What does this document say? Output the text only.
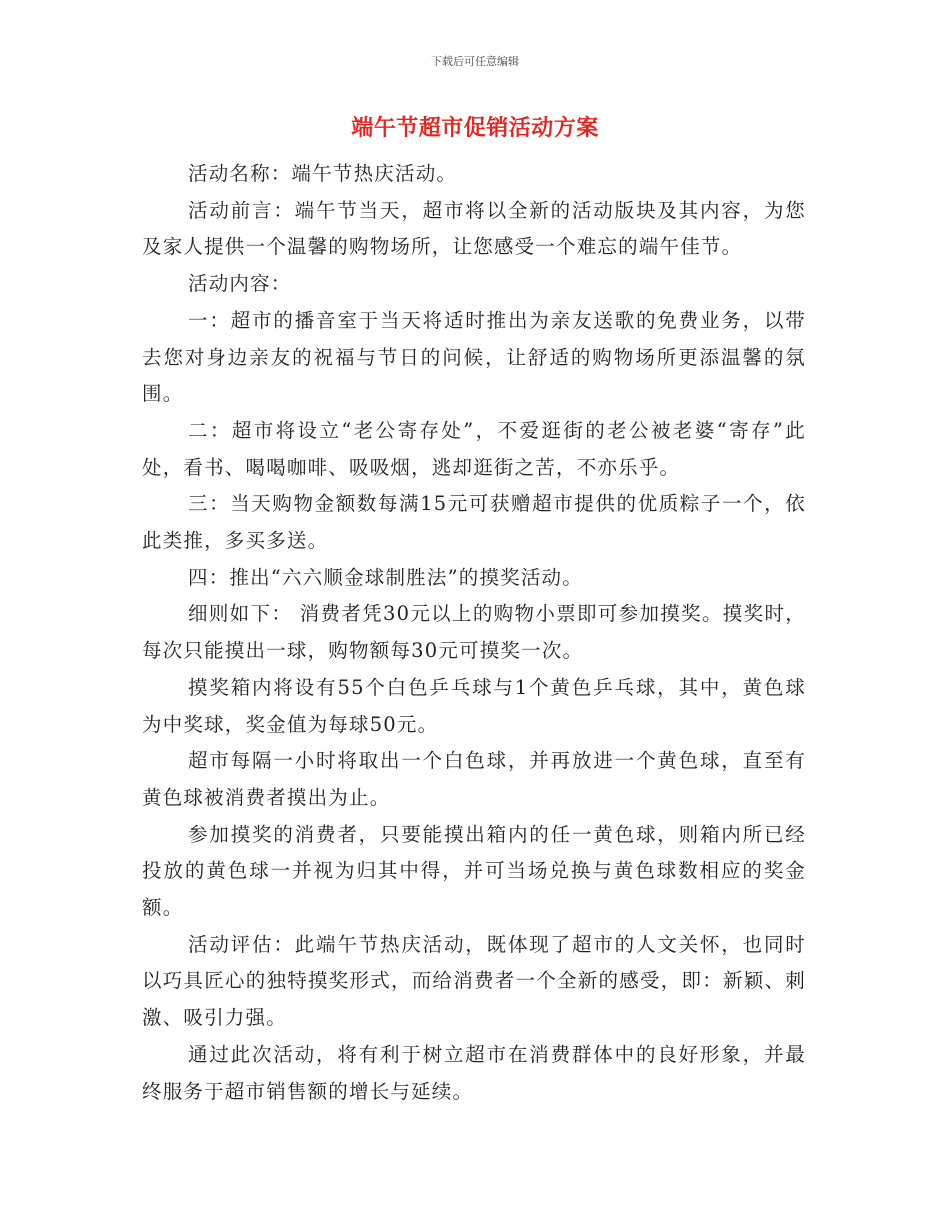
下载后可任意编辑
端午节超市促销活动方案

活动名称：端午节热庆活动。

活动前言：端午节当天，超市将以全新的活动版块及其内容，为您及家人提供一个温馨的购物场所，让您感受一个难忘的端午佳节。

活动内容：

一：超市的播音室于当天将适时推出为亲友送歌的免费业务，以带去您对身边亲友的祝福与节日的问候，让舒适的购物场所更添温馨的氛围。

二：超市将设立“老公寄存处”，不爱逛街的老公被老婆“寄存”此处，看书、喝喝咖啡、吸吸烟，逃却逛街之苦，不亦乐乎。

三：当天购物金额数每满15元可获赠超市提供的优质粽子一个，依此类推，多买多送。

四：推出“六六顺金球制胜法”的摸奖活动。

细则如下： 消费者凭30元以上的购物小票即可参加摸奖。摸奖时，每次只能摸出一球，购物额每30元可摸奖一次。

摸奖箱内将设有55个白色乒乓球与1个黄色乒乓球，其中，黄色球为中奖球，奖金值为每球50元。

超市每隔一小时将取出一个白色球，并再放进一个黄色球，直至有黄色球被消费者摸出为止。

参加摸奖的消费者，只要能摸出箱内的任一黄色球，则箱内所已经投放的黄色球一并视为归其中得，并可当场兑换与黄色球数相应的奖金额。

活动评估：此端午节热庆活动，既体现了超市的人文关怀，也同时以巧具匠心的独特摸奖形式，而给消费者一个全新的感受，即：新颖、刺激、吸引力强。

通过此次活动，将有利于树立超市在消费群体中的良好形象，并最终服务于超市销售额的增长与延续。
